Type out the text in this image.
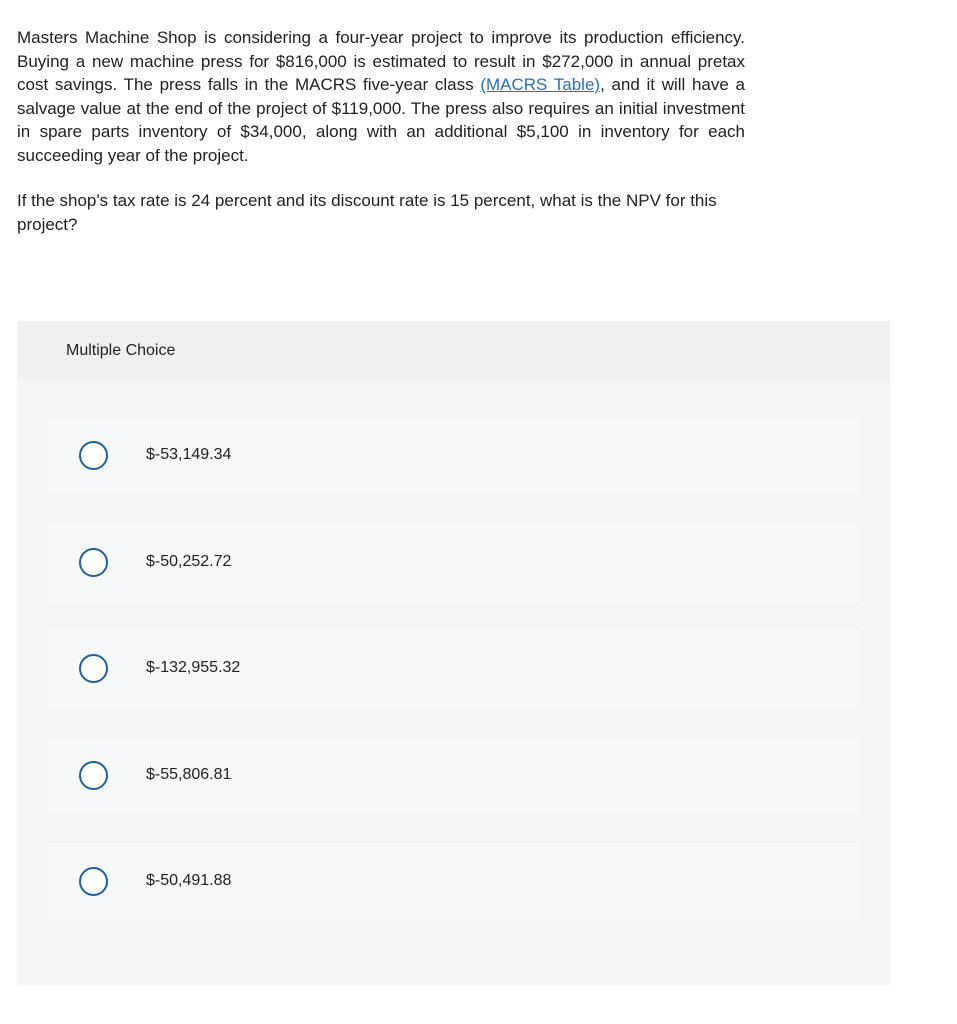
Masters Machine Shop is considering a four-year project to improve its production efficiency. Buying a new machine press for $816,000 is estimated to result in $272,000 in annual pretax cost savings. The press falls in the MACRS five-year class (MACRS Table), and it will have a salvage value at the end of the project of $119,000. The press also requires an initial investment in spare parts inventory of $34,000, along with an additional $5,100 in inventory for each succeeding year of the project.

If the shop's tax rate is 24 percent and its discount rate is 15 percent, what is the NPV for this project?

Multiple Choice
$-53,149.34
$-50,252.72
$-132,955.32
$-55,806.81
$-50,491.88
